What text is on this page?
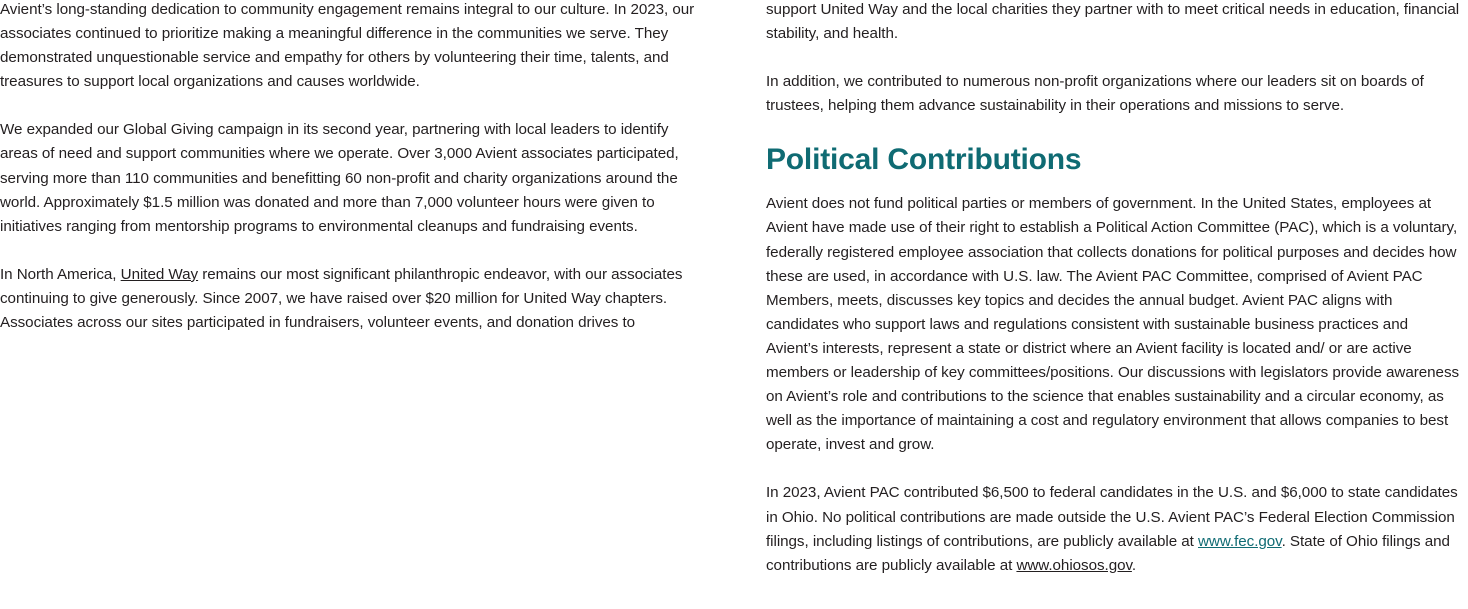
Avient’s long-standing dedication to community engagement remains integral to our culture. In 2023, our associates continued to prioritize making a meaningful difference in the communities we serve. They demonstrated unquestionable service and empathy for others by volunteering their time, talents, and treasures to support local organizations and causes worldwide.

We expanded our Global Giving campaign in its second year, partnering with local leaders to identify areas of need and support communities where we operate. Over 3,000 Avient associates participated, serving more than 110 communities and benefitting 60 non-profit and charity organizations around the world. Approximately $1.5 million was donated and more than 7,000 volunteer hours were given to initiatives ranging from mentorship programs to environmental cleanups and fundraising events.

In North America, United Way remains our most significant philanthropic endeavor, with our associates continuing to give generously. Since 2007, we have raised over $20 million for United Way chapters. Associates across our sites participated in fundraisers, volunteer events, and donation drives to

support United Way and the local charities they partner with to meet critical needs in education, financial stability, and health.

In addition, we contributed to numerous non-profit organizations where our leaders sit on boards of trustees, helping them advance sustainability in their operations and missions to serve.

Political Contributions

Avient does not fund political parties or members of government. In the United States, employees at Avient have made use of their right to establish a Political Action Committee (PAC), which is a voluntary, federally registered employee association that collects donations for political purposes and decides how these are used, in accordance with U.S. law. The Avient PAC Committee, comprised of Avient PAC Members, meets, discusses key topics and decides the annual budget. Avient PAC aligns with candidates who support laws and regulations consistent with sustainable business practices and Avient’s interests, represent a state or district where an Avient facility is located and/ or are active members or leadership of key committees/positions. Our discussions with legislators provide awareness on Avient’s role and contributions to the science that enables sustainability and a circular economy, as well as the importance of maintaining a cost and regulatory environment that allows companies to best operate, invest and grow.

In 2023, Avient PAC contributed $6,500 to federal candidates in the U.S. and $6,000 to state candidates in Ohio. No political contributions are made outside the U.S. Avient PAC’s Federal Election Commission filings, including listings of contributions, are publicly available at www.fec.gov. State of Ohio filings and contributions are publicly available at www.ohiosos.gov.
